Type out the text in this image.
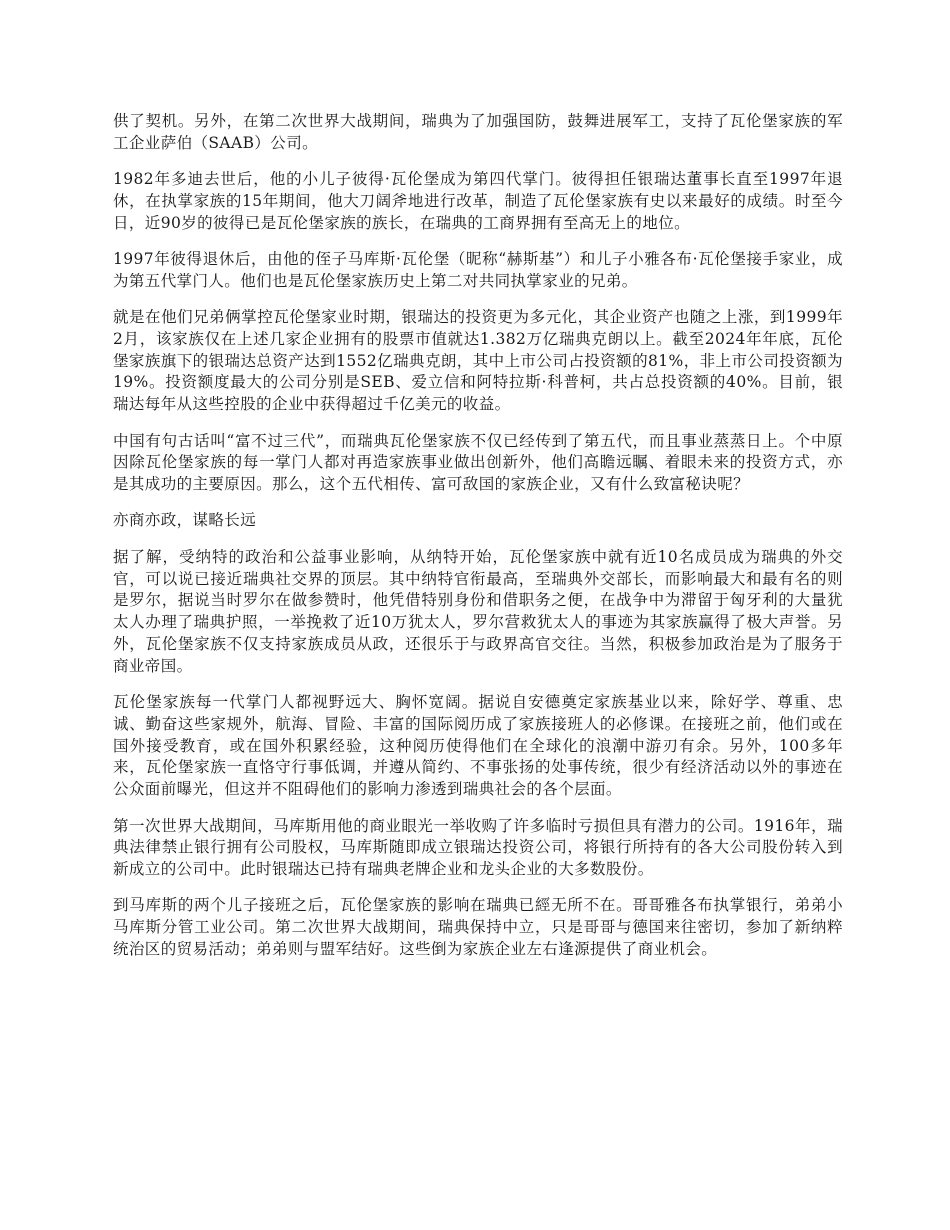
供了契机。另外，在第二次世界大战期间，瑞典为了加强国防，鼓舞进展军工，支持了瓦伦堡家族的军工企业萨伯（SAAB）公司。

1982年多迪去世后，他的小儿子彼得·瓦伦堡成为第四代掌门。彼得担任银瑞达董事长直至1997年退休，在执掌家族的15年期间，他大刀阔斧地进行改革，制造了瓦伦堡家族有史以来最好的成绩。时至今日，近90岁的彼得已是瓦伦堡家族的族长，在瑞典的工商界拥有至高无上的地位。

1997年彼得退休后，由他的侄子马库斯·瓦伦堡（昵称“赫斯基”）和儿子小雅各布·瓦伦堡接手家业，成为第五代掌门人。他们也是瓦伦堡家族历史上第二对共同执掌家业的兄弟。

就是在他们兄弟俩掌控瓦伦堡家业时期，银瑞达的投资更为多元化，其企业资产也随之上涨，到1999年2月，该家族仅在上述几家企业拥有的股票市值就达1.382万亿瑞典克朗以上。截至2024年年底，瓦伦堡家族旗下的银瑞达总资产达到1552亿瑞典克朗，其中上市公司占投资额的81%，非上市公司投资额为19%。投资额度最大的公司分别是SEB、爱立信和阿特拉斯·科普柯，共占总投资额的40%。目前，银瑞达每年从这些控股的企业中获得超过千亿美元的收益。

中国有句古话叫“富不过三代”，而瑞典瓦伦堡家族不仅已经传到了第五代，而且事业蒸蒸日上。个中原因除瓦伦堡家族的每一掌门人都对再造家族事业做出创新外，他们高瞻远瞩、着眼未来的投资方式，亦是其成功的主要原因。那么，这个五代相传、富可敌国的家族企业，又有什么致富秘诀呢？

亦商亦政，谋略长远

据了解，受纳特的政治和公益事业影响，从纳特开始，瓦伦堡家族中就有近10名成员成为瑞典的外交官，可以说已接近瑞典社交界的顶层。其中纳特官衔最高，至瑞典外交部长，而影响最大和最有名的则是罗尔，据说当时罗尔在做参赞时，他凭借特别身份和借职务之便，在战争中为滞留于匈牙利的大量犹太人办理了瑞典护照，一举挽救了近10万犹太人，罗尔营救犹太人的事迹为其家族赢得了极大声誉。另外，瓦伦堡家族不仅支持家族成员从政，还很乐于与政界高官交往。当然，积极参加政治是为了服务于商业帝国。

瓦伦堡家族每一代掌门人都视野远大、胸怀宽阔。据说自安德奠定家族基业以来，除好学、尊重、忠诚、勤奋这些家规外，航海、冒险、丰富的国际阅历成了家族接班人的必修课。在接班之前，他们或在国外接受教育，或在国外积累经验，这种阅历使得他们在全球化的浪潮中游刃有余。另外，100多年来，瓦伦堡家族一直恪守行事低调，并遵从简约、不事张扬的处事传统，很少有经济活动以外的事迹在公众面前曝光，但这并不阻碍他们的影响力渗透到瑞典社会的各个层面。

第一次世界大战期间，马库斯用他的商业眼光一举收购了许多临时亏损但具有潜力的公司。1916年，瑞典法律禁止银行拥有公司股权，马库斯随即成立银瑞达投资公司，将银行所持有的各大公司股份转入到新成立的公司中。此时银瑞达已持有瑞典老牌企业和龙头企业的大多数股份。

到马库斯的两个儿子接班之后，瓦伦堡家族的影响在瑞典已經无所不在。哥哥雅各布执掌银行，弟弟小马库斯分管工业公司。第二次世界大战期间，瑞典保持中立，只是哥哥与德国来往密切，参加了新纳粹统治区的贸易活动；弟弟则与盟军结好。这些倒为家族企业左右逢源提供了商业机会。
